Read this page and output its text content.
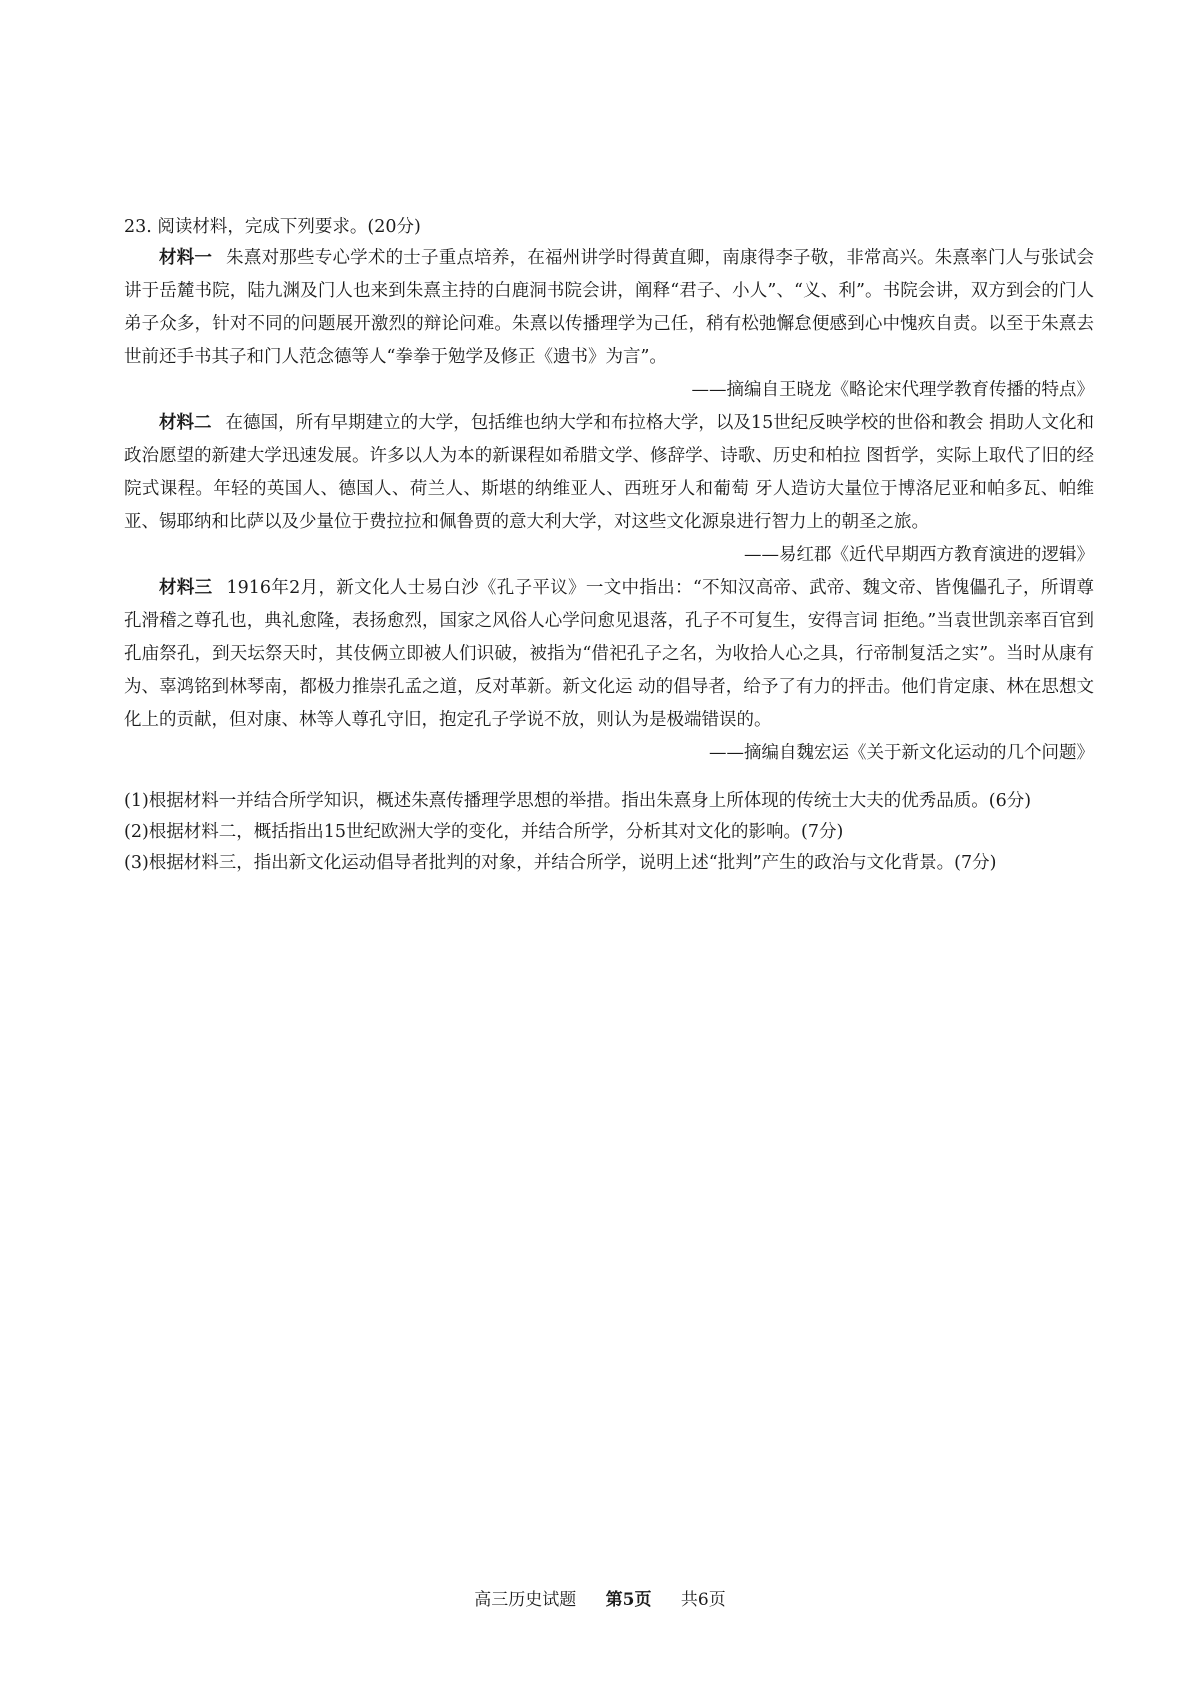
23. 阅读材料，完成下列要求。(20分)

材料一 朱熹对那些专心学术的士子重点培养，在福州讲学时得黄直卿，南康得李子敬，非常高兴。朱熹率门人与张试会讲于岳麓书院，陆九渊及门人也来到朱熹主持的白鹿洞书院会讲，阐释“君子、小人”、“义、利”。书院会讲，双方到会的门人弟子众多，针对不同的问题展开激烈的辩论问难。朱熹以传播理学为己任，稍有松弛懈怠便感到心中愧疚自责。以至于朱熹去世前还手书其子和门人范念德等人“拳拳于勉学及修正《遗书》为言”。

——摘编自王晓龙《略论宋代理学教育传播的特点》

材料二 在德国，所有早期建立的大学，包括维也纳大学和布拉格大学，以及15世纪反映学校的世俗和教会 捐助人文化和政治愿望的新建大学迅速发展。许多以人为本的新课程如希腊文学、修辞学、诗歌、历史和柏拉 图哲学，实际上取代了旧的经院式课程。年轻的英国人、德国人、荷兰人、斯堪的纳维亚人、西班牙人和葡萄 牙人造访大量位于博洛尼亚和帕多瓦、帕维亚、锡耶纳和比萨以及少量位于费拉拉和佩鲁贾的意大利大学，对这些文化源泉进行智力上的朝圣之旅。

——易红郡《近代早期西方教育演进的逻辑》

材料三 1916年2月，新文化人士易白沙《孔子平议》一文中指出：“不知汉高帝、武帝、魏文帝、皆傀儡孔子，所谓尊孔滑稽之尊孔也，典礼愈隆，表扬愈烈，国家之风俗人心学问愈见退落，孔子不可复生，安得言词 拒绝。”当袁世凯亲率百官到孔庙祭孔，到天坛祭天时，其伎俩立即被人们识破，被指为“借祀孔子之名，为收拾人心之具，行帝制复活之实”。当时从康有为、辜鸿铭到林琴南，都极力推崇孔孟之道，反对革新。新文化运 动的倡导者，给予了有力的抨击。他们肯定康、林在思想文化上的贡献，但对康、林等人尊孔守旧，抱定孔子学说不放，则认为是极端错误的。

——摘编自魏宏运《关于新文化运动的几个问题》

(1)根据材料一并结合所学知识，概述朱熹传播理学思想的举措。指出朱熹身上所体现的传统士大夫的优秀品质。(6分)

(2)根据材料二，概括指出15世纪欧洲大学的变化，并结合所学，分析其对文化的影响。(7分)

(3)根据材料三，指出新文化运动倡导者批判的对象，并结合所学，说明上述“批判”产生的政治与文化背景。(7分)

高三历史试题 第5页 共6页
